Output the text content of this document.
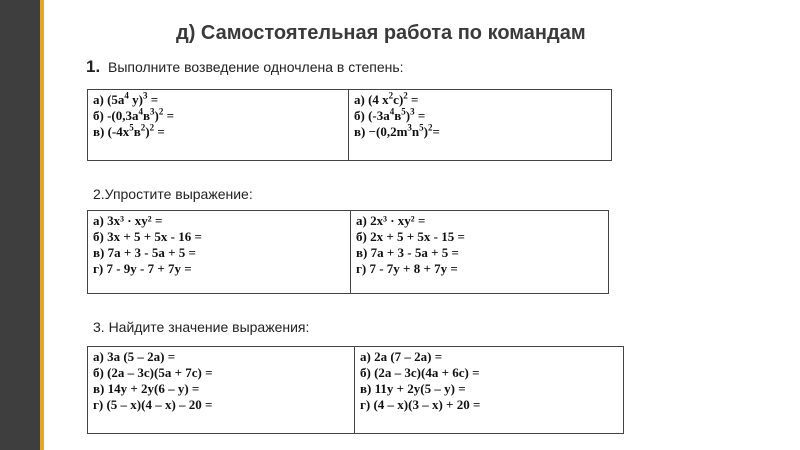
д) Самостоятельная работа по командам
1. Выполните возведение одночлена в степень:
а) ($5a^4$ y)$^3$ =
б) $-(0,3a^4в^3)^2$ =
в) $(-4x^5в^2)^2$ =

а) (4 $x^2c)^2$ =
б) $(-3a^4в^5)^3$ =
$в) -(0,2m^3n^5)^2=$
2.Упростите выражение:
а) 3x³ · xy² =
б) 3x + 5 + 5x - 16 =
в) 7a + 3 - 5a + 5 =
г) 7 - 9y - 7 + 7y =

а) 2x³ · xy² =
б) 2x + 5 + 5x - 15 =
в) 7a + 3 - 5a + 5 =
г) 7 - 7y + 8 + 7y =
3. Найдите значение выражения:
а) 3a (5 – 2a) =
б) (2a – 3c)(5a + 7c) =
в) 14y + 2y(6 – y) =
г) (5 – x)(4 – x) – 20 =

а) 2a (7 – 2a) =
б) (2a – 3c)(4a + 6c) =
в) 11y + 2y(5 – y) =
г) (4 – x)(3 – x) + 20 =
